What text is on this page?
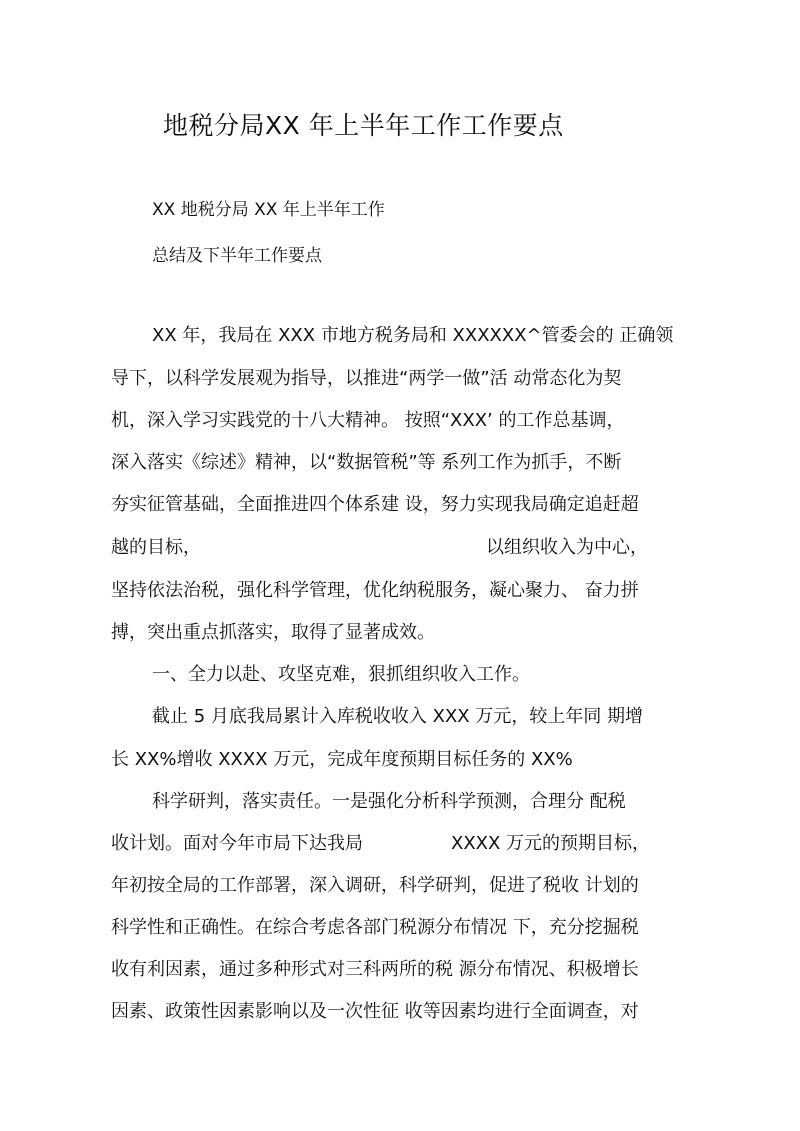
地税分局XX 年上半年工作工作要点
XX 地税分局 XX 年上半年工作
总结及下半年工作要点
XX 年，我局在 XXX 市地方税务局和 XXXXXX^管委会的 正确领
导下，以科学发展观为指导，以推进“两学一做”活 动常态化为契
机，深入学习实践党的十八大精神。 按照“XXX’ 的工作总基调，
深入落实《综述》精神，以“数据管税”等 系列工作为抓手，不断
夯实征管基础，全面推进四个体系建 设，努力实现我局确定追赶超
越的目标，	以组织收入为中心，
坚持依法治税，强化科学管理，优化纳税服务，凝心聚力、 奋力拼
搏，突出重点抓落实，取得了显著成效。
一、全力以赴、攻坚克难，狠抓组织收入工作。
截止 5 月底我局累计入库税收收入 XXX 万元，较上年同 期增
长 XX%增收 XXXX 万元，完成年度预期目标任务的 XX%
科学研判，落实责任。一是强化分析科学预测，合理分 配税
收计划。面对今年市局下达我局	XXXX 万元的预期目标，
年初按全局的工作部署，深入调研，科学研判，促进了税收 计划的
科学性和正确性。在综合考虑各部门税源分布情况 下，充分挖掘税
收有利因素，通过多种形式对三科两所的税 源分布情况、积极增长
因素、政策性因素影响以及一次性征 收等因素均进行全面调查，对
